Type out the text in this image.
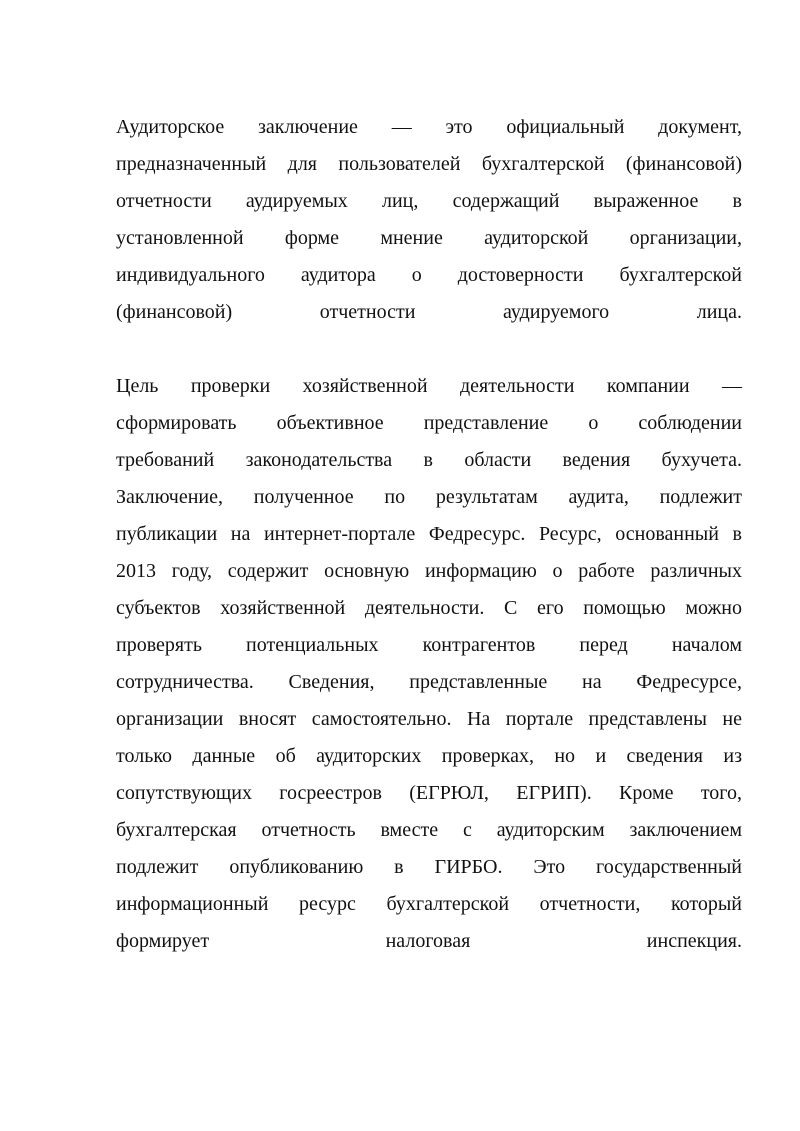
Аудиторское заключение — это официальный документ,
предназначенный для пользователей бухгалтерской (финансовой)
отчетности аудируемых лиц, содержащий выраженное в
установленной форме мнение аудиторской организации,
индивидуального аудитора о достоверности бухгалтерской
(финансовой) отчетности аудируемого лица.
Цель проверки хозяйственной деятельности компании —
сформировать объективное представление о соблюдении
требований законодательства в области ведения бухучета.
Заключение, полученное по результатам аудита, подлежит
публикации на интернет-портале Федресурс. Ресурс, основанный в
2013 году, содержит основную информацию о работе различных
субъектов хозяйственной деятельности. С его помощью можно
проверять потенциальных контрагентов перед началом
сотрудничества. Сведения, представленные на Федресурсе,
организации вносят самостоятельно. На портале представлены не
только данные об аудиторских проверках, но и сведения из
сопутствующих госреестров (ЕГРЮЛ, ЕГРИП). Кроме того,
бухгалтерская отчетность вместе с аудиторским заключением
подлежит опубликованию в ГИРБО. Это государственный
информационный ресурс бухгалтерской отчетности, который
формирует налоговая инспекция.
